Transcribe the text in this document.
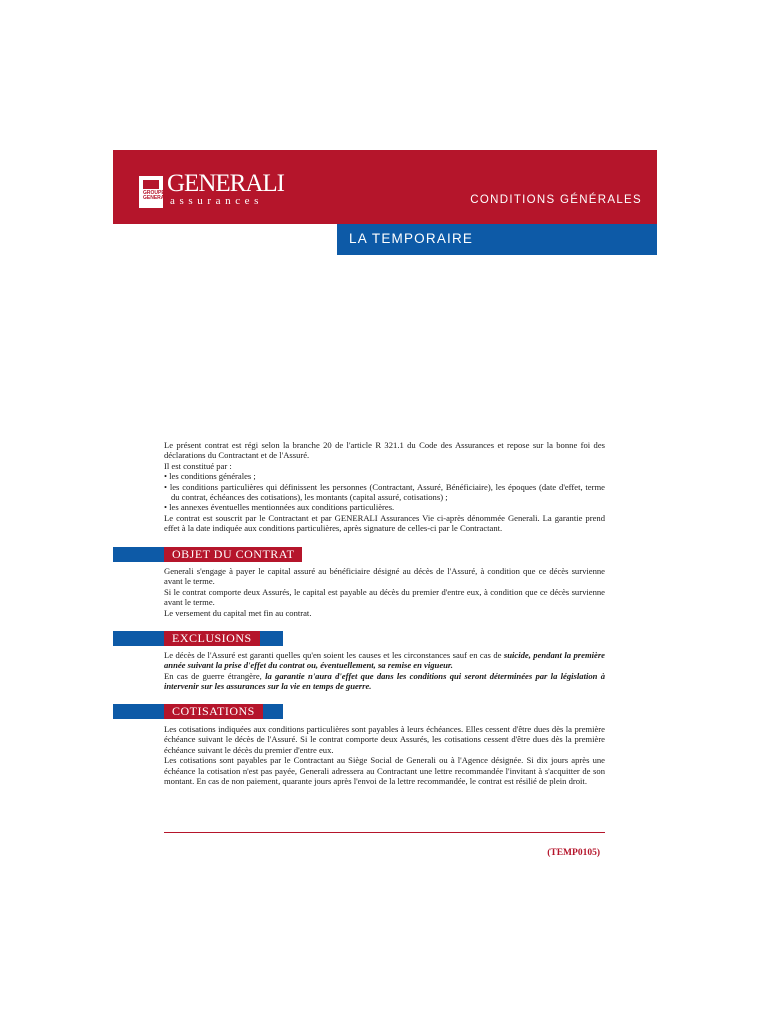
GROUPE GENERALI
GENERALI
assurances	CONDITIONS GÉNÉRALES
LA TEMPORAIRE

Le présent contrat est régi selon la branche 20 de l'article R 321.1 du Code des Assurances et repose sur la bonne foi des déclarations du Contractant et de l'Assuré.

Il est constitué par :

• les conditions générales ;

• les conditions particulières qui définissent les personnes (Contractant, Assuré, Bénéficiaire), les époques (date d'effet, terme du contrat, échéances des cotisations), les montants (capital assuré, cotisations) ;

• les annexes éventuelles mentionnées aux conditions particulières.

Le contrat est souscrit par le Contractant et par GENERALI Assurances Vie ci-après dénommée Generali. La garantie prend effet à la date indiquée aux conditions particulières, après signature de celles-ci par le Contractant.

OBJET DU CONTRAT

Generali s'engage à payer le capital assuré au bénéficiaire désigné au décès de l'Assuré, à condition que ce décès survienne avant le terme.

Si le contrat comporte deux Assurés, le capital est payable au décès du premier d'entre eux, à condition que ce décès survienne avant le terme.

Le versement du capital met fin au contrat.

EXCLUSIONS

Le décès de l'Assuré est garanti quelles qu'en soient les causes et les circonstances sauf en cas de suicide, pendant la première année suivant la prise d'effet du contrat ou, éventuellement, sa remise en vigueur.

En cas de guerre étrangère, la garantie n'aura d'effet que dans les conditions qui seront déterminées par la législation à intervenir sur les assurances sur la vie en temps de guerre.

COTISATIONS

Les cotisations indiquées aux conditions particulières sont payables à leurs échéances. Elles cessent d'être dues dès la première échéance suivant le décès de l'Assuré. Si le contrat comporte deux Assurés, les cotisations cessent d'être dues dès la première échéance suivant le décès du premier d'entre eux.

Les cotisations sont payables par le Contractant au Siège Social de Generali ou à l'Agence désignée. Si dix jours après une échéance la cotisation n'est pas payée, Generali adressera au Contractant une lettre recommandée l'invitant à s'acquitter de son montant. En cas de non paiement, quarante jours après l'envoi de la lettre recommandée, le contrat est résilié de plein droit.

(TEMP0105)
